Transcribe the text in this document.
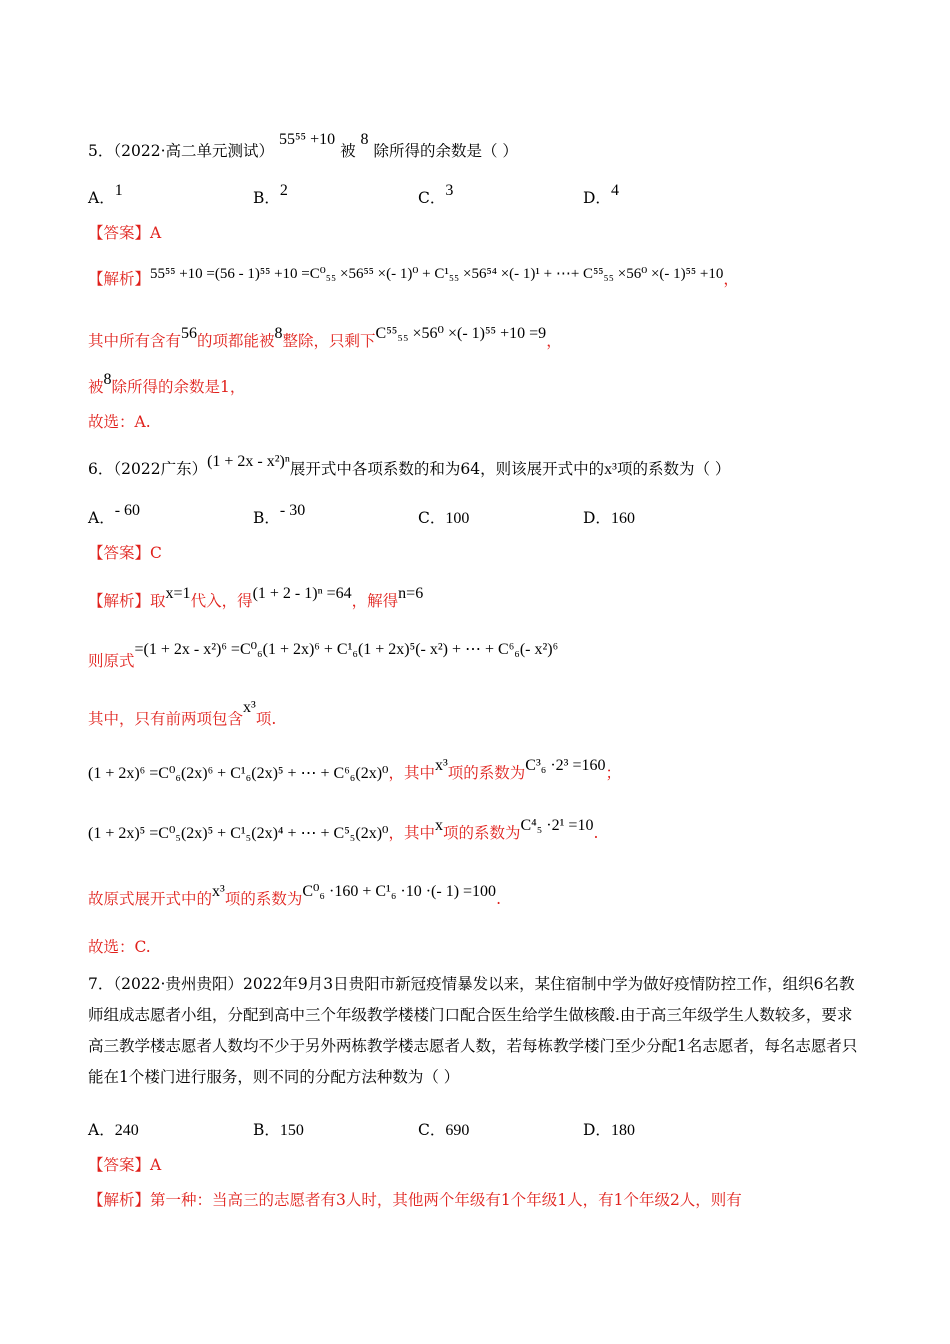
5．（2022·高二单元测试） 55⁵⁵ +10 被 8 除所得的余数是（ ）
A．1	B．2	C．3	D．4
【答案】A
【解析】55⁵⁵ +10 =(56 - 1)⁵⁵ +10 =C⁰₅₅ ×56⁵⁵ ×(- 1)⁰ + C¹₅₅ ×56⁵⁴ ×(- 1)¹ + ⋯+ C⁵⁵₅₅ ×56⁰ ×(- 1)⁵⁵ +10，
其中所有含有56的项都能被8整除，只剩下C⁵⁵₅₅ ×56⁰ ×(- 1)⁵⁵ +10 =9，
被8除所得的余数是1，
故选：A.
6．（2022广东）(1 + 2x - x²)ⁿ展开式中各项系数的和为64，则该展开式中的x³项的系数为（ ）
A．- 60	B．- 30	C．100	D．160
【答案】C
【解析】取x=1代入，得(1 + 2 - 1)ⁿ =64，解得n=6
则原式=(1 + 2x - x²)⁶ =C⁰₆(1 + 2x)⁶ + C¹₆(1 + 2x)⁵(- x²) + ⋯ + C⁶₆(- x²)⁶
其中，只有前两项包含x³项.
(1 + 2x)⁶ =C⁰₆(2x)⁶ + C¹₆(2x)⁵ + ⋯ + C⁶₆(2x)⁰，其中x³项的系数为C³₆ ·2³ =160；
(1 + 2x)⁵ =C⁰₅(2x)⁵ + C¹₅(2x)⁴ + ⋯ + C⁵₅(2x)⁰，其中x项的系数为C⁴₅ ·2¹ =10.
故原式展开式中的x³项的系数为C⁰₆ ·160 + C¹₆ ·10 ·(- 1) =100.
故选：C.
7．（2022·贵州贵阳）2022年9月3日贵阳市新冠疫情暴发以来，某住宿制中学为做好疫情防控工作，组织6名教师组成志愿者小组，分配到高中三个年级教学楼楼门口配合医生给学生做核酸.由于高三年级学生人数较多，要求高三教学楼志愿者人数均不少于另外两栋教学楼志愿者人数，若每栋教学楼门至少分配1名志愿者，每名志愿者只能在1个楼门进行服务，则不同的分配方法种数为（ ）
A．240	B．150	C．690	D．180
【答案】A
【解析】第一种：当高三的志愿者有3人时，其他两个年级有1个年级1人，有1个年级2人，则有
